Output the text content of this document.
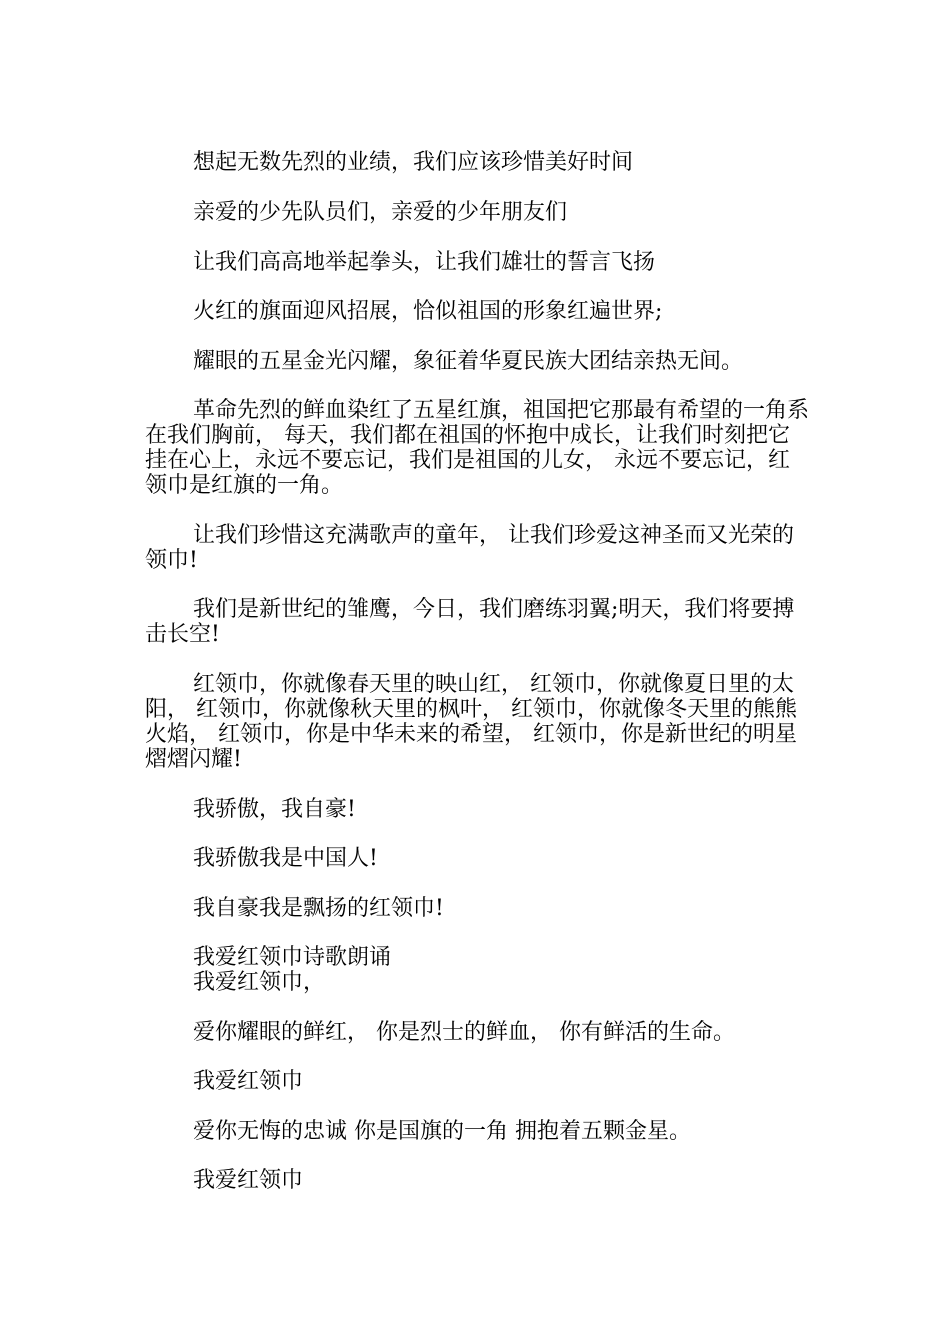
想起无数先烈的业绩，我们应该珍惜美好时间

亲爱的少先队员们，亲爱的少年朋友们

让我们高高地举起拳头，让我们雄壮的誓言飞扬

火红的旗面迎风招展，恰似祖国的形象红遍世界;

耀眼的五星金光闪耀，象征着华夏民族大团结亲热无间。

革命先烈的鲜血染红了五星红旗，祖国把它那最有希望的一角系在我们胸前， 每天，我们都在祖国的怀抱中成长，让我们时刻把它挂在心上，永远不要忘记，我们是祖国的儿女， 永远不要忘记，红领巾是红旗的一角。

让我们珍惜这充满歌声的童年， 让我们珍爱这神圣而又光荣的领巾!

我们是新世纪的雏鹰，今日，我们磨练羽翼;明天，我们将要搏击长空!

红领巾，你就像春天里的映山红， 红领巾，你就像夏日里的太阳， 红领巾，你就像秋天里的枫叶， 红领巾，你就像冬天里的熊熊火焰， 红领巾，你是中华未来的希望， 红领巾，你是新世纪的明星熠熠闪耀!

我骄傲，我自豪!

我骄傲我是中国人!

我自豪我是飘扬的红领巾!

我爱红领巾诗歌朗诵

我爱红领巾，

爱你耀眼的鲜红， 你是烈士的鲜血， 你有鲜活的生命。

我爱红领巾

爱你无悔的忠诚 你是国旗的一角 拥抱着五颗金星。

我爱红领巾
